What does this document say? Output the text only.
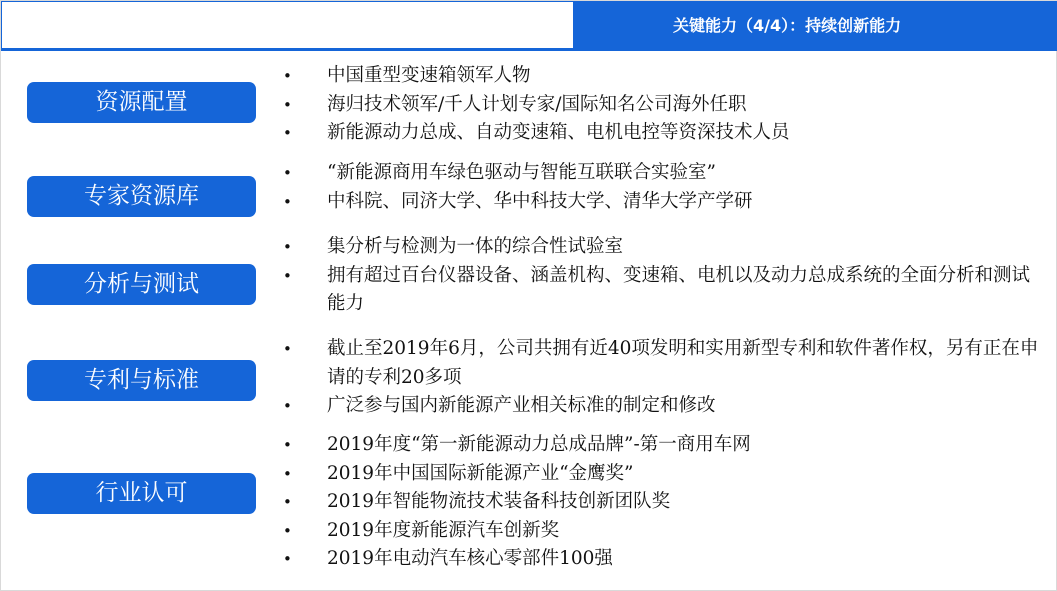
关键能力（4/4）：持续创新能力
资源配置
• 中国重型变速箱领军人物
• 海归技术领军/千人计划专家/国际知名公司海外任职
• 新能源动力总成、自动变速箱、电机电控等资深技术人员
专家资源库
• “新能源商用车绿色驱动与智能互联联合实验室”
• 中科院、同济大学、华中科技大学、清华大学产学研
分析与测试
• 集分析与检测为一体的综合性试验室
• 拥有超过百台仪器设备、涵盖机构、变速箱、电机以及动力总成系统的全面分析和测试能力
专利与标准
• 截止至2019年6月，公司共拥有近40项发明和实用新型专利和软件著作权，另有正在申请的专利20多项
• 广泛参与国内新能源产业相关标准的制定和修改
行业认可
• 2019年度“第一新能源动力总成品牌”-第一商用车网
• 2019年中国国际新能源产业“金鹰奖”
• 2019年智能物流技术装备科技创新团队奖
• 2019年度新能源汽车创新奖
• 2019年电动汽车核心零部件100强
